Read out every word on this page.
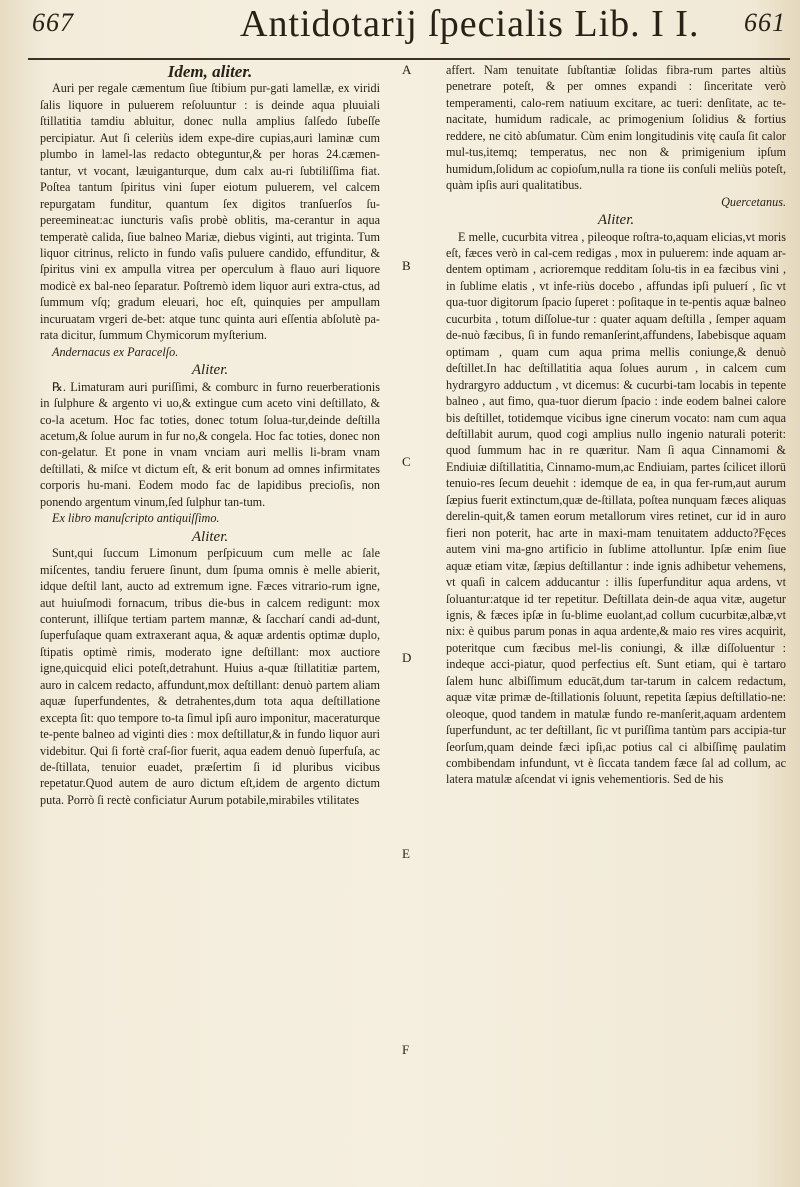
667	Antidotarij ſpecialis Lib. I I. 661
Idem, aliter.

Auri per regale cæmentum ſiue ſtibium pur-gati lamellæ, ex viridi ſalis liquore in puluerem reſoluuntur : is deinde aqua pluuiali ſtillatitia tamdiu abluitur, donec nulla amplius ſalſedo ſubeſſe percipiatur. Aut ſi celeriùs idem expe-dire cupias,auri laminæ cum plumbo in lamel-las redacto obteguntur,& per horas 24.cæmen-tantur, vt vocant, læuiganturque, dum calx au-ri ſubtiliſſima fiat. Poſtea tantum ſpiritus vini ſuper eiotum puluerem, vel calcem repurgatam funditur, quantum ſex digitos tranſuerſos ſu-pereemineat:ac iuncturis vaſis probè oblitis, ma-cerantur in aqua temperatè calida, ſiue balneo Mariæ, diebus viginti, aut triginta. Tum liquor citrinus, relicto in fundo vaſis puluere candido, effunditur, & ſpiritus vini ex ampulla vitrea per operculum à flauo auri liquore modicè ex bal-neo ſeparatur. Poſtremò idem liquor auri extra-ctus, ad ſummum vſq; gradum eleuari, hoc eſt, quinquies per ampullam incuruatam vrgeri de-bet: atque tunc quinta auri eſſentia abſolutè pa-rata dicitur, ſummum Chymicorum myſterium.

Andernacus ex Paracelſo.

Aliter.

℞. Limaturam auri puriſſimi, & comburc in furno reuerberationis in ſulphure & argento vi uo,& extingue cum aceto vini deſtillato, & co-la acetum. Hoc fac toties, donec totum ſolua-tur,deinde deſtilla acetum,& ſolue aurum in fur no,& congela. Hoc fac toties, donec non con-gelatur. Et pone in vnam vnciam auri mellis li-bram vnam deſtillati, & miſce vt dictum eſt, & erit bonum ad omnes infirmitates corporis hu-mani. Eodem modo fac de lapidibus precioſis, non ponendo argentum vinum,ſed ſulphur tan-tum.

Ex libro manuſcripto antiquiſſimo.

Aliter.

Sunt,qui ſuccum Limonum perſpicuum cum melle ac ſale miſcentes, tandiu feruere ſinunt, dum ſpuma omnis è melle abierit, idque deſtil lant, aucto ad extremum igne. Fæces vitrario-rum igne, aut huiuſmodi fornacum, tribus die-bus in calcem redigunt: mox conterunt, illiſque tertiam partem mannæ, & ſaccharí candi ad-dunt, ſuperfuſaque quam extraxerant aqua, & aquæ ardentis optimæ duplo, ſtipatis optimè rimis, moderato igne deſtillant: mox auctiore igne,quicquid elici poteſt,detrahunt. Huius a-quæ ſtillatitiæ partem, auro in calcem redacto, affundunt,mox deſtillant: denuò partem aliam aquæ ſuperfundentes, & detrahentes,dum tota aqua deſtillatione excepta ſit: quo tempore to-ta ſimul ipſi auro imponitur, maceraturque te-pente balneo ad viginti dies : mox deſtillatur,& in fundo liquor auri videbitur. Qui ſi fortè craſ-ſior fuerit, aqua eadem denuò ſuperfuſa, ac de-ſtillata, tenuior euadet, præſertim ſi id pluribus vicibus repetatur.Quod autem de auro dictum eſt,idem de argento dictum puta. Porrò ſi rectè conficiatur Aurum potabile,mirabiles vtilitates

A
B
C
D
E
F

affert. Nam tenuitate ſubſtantiæ ſolidas fibra-rum partes altiùs penetrare poteſt, & per omnes expandi : ſinceritate verò temperamenti, calo-rem natiuum excitare, ac tueri: denſitate, ac te-nacitate, humidum radicale, ac primogenium ſolidius & fortius reddere, ne citò abſumatur. Cùm enim longitudinis vitę cauſa ſit calor mul-tus,itemq; temperatus, nec non & primigenium ipſum humidum,ſolidum ac copioſum,nulla ra tione iis conſuli meliùs poteſt, quàm ipſis auri qualitatibus.

Quercetanus.

Aliter.

E melle, cucurbita vitrea , pileoque roſtra-to,aquam elicias,vt moris eſt, fæces verò in cal-cem redigas , mox in puluerem: inde aquam ar-dentem optimam , acrioremque redditam ſolu-tis in ea fæcibus vini , in ſublime elatis , vt infe-riùs docebo , affundas ipſi puluerí , ſic vt qua-tuor digitorum ſpacio ſuperet : poſitaque in te-pentis aquæ balneo cucurbita , totum diſſolue-tur : quater aquam deſtilla , ſemper aquam de-nuò fæcibus, ſi in fundo remanſerint,affundens, Iabebisque aquam optimam , quam cum aqua prima mellis coniunge,& denuò deſtillet.In hac deſtillatitia aqua ſolues aurum , in calcem cum hydrargyro adductum , vt dicemus: & cucurbi-tam locabis in tepente balneo , aut fimo, qua-tuor dierum ſpacio : inde eodem balnei calore bis deſtillet, totidemque vicibus igne cinerum vocato: nam cum aqua deſtillabit aurum, quod cogi amplius nullo ingenio naturali poterit: quod ſummum hac in re quæritur. Nam ſi aqua Cinnamomi & Endiuiæ diſtillatitia, Cinnamo-mum,ac Endiuiam, partes ſcilicet illorū tenuio-res ſecum deuehit : idemque de ea, in qua fer-rum,aut aurum ſæpius fuerit extinctum,quæ de-ſtillata, poſtea nunquam fæces aliquas derelin-quit,& tamen eorum metallorum vires retinet, cur id in auro fieri non poterit, hac arte in maxi-mam tenuitatem adducto?Fęces autem vini ma-gno artificio in ſublime attolluntur. Ipſæ enim ſiue aquæ etiam vitæ, ſæpius deſtillantur : inde ignis adhibetur vehemens, vt quaſi in calcem adducantur : illis ſuperfunditur aqua ardens, vt ſoluantur:atque id ter repetitur. Deſtillata dein-de aqua vitæ, augetur ignis, & fæces ipſæ in ſu-blime euolant,ad collum cucurbitæ,albæ,vt nix: è quibus parum ponas in aqua ardente,& maio res vires acquirit, poteritque cum fæcibus mel-lis coniungi, & illæ diſſoluentur : indeque acci-piatur, quod perfectius eſt. Sunt etiam, qui è tartaro ſalem hunc albiſſimum educāt,dum tar-tarum in calcem redactum, aquæ vitæ primæ de-ſtillationis ſoluunt, repetita ſæpius deſtillatio-ne: oleoque, quod tandem in matulæ fundo re-manſerit,aquam ardentem ſuperfundunt, ac ter deſtillant, ſic vt puriſſima tantùm pars accipia-tur ſeorſum,quam deinde fæci ipſi,ac potius cal ci albiſſimę paulatim combibendam infundunt, vt è ſiccata tandem fæce ſal ad collum, ac latera matulæ aſcendat vi ignis vehementioris. Sed de his
